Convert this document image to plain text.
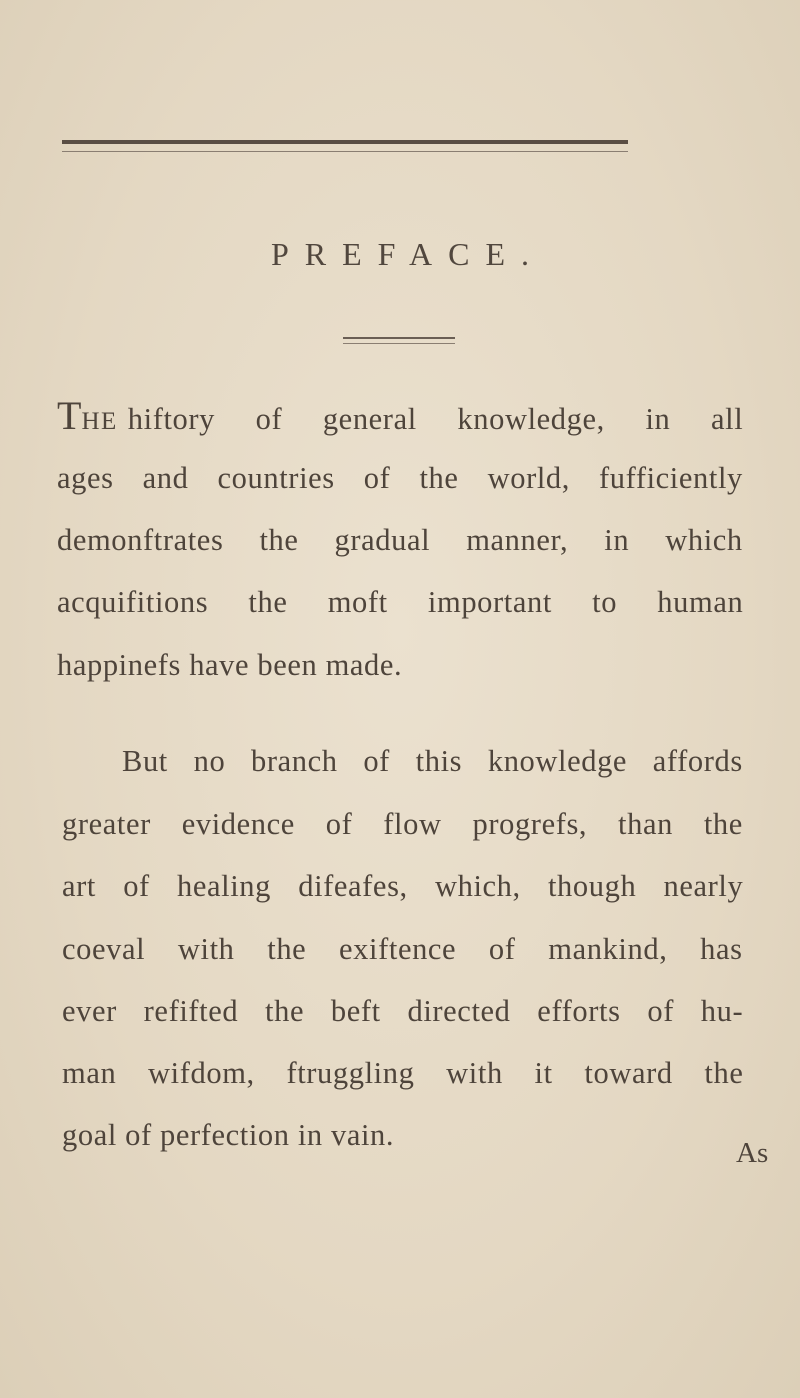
PREFACE.
THE hiftory of general knowledge, in all
ages and countries of the world, fufficiently
demonftrates the gradual manner, in which
acquifitions the moft important to human
happinefs have been made.
But no branch of this knowledge affords
greater evidence of flow progrefs, than the
art of healing difeafes, which, though nearly
coeval with the exiftence of mankind, has
ever refifted the beft directed efforts of hu-
man wifdom, ftruggling with it toward the
goal of perfection in vain.
As
